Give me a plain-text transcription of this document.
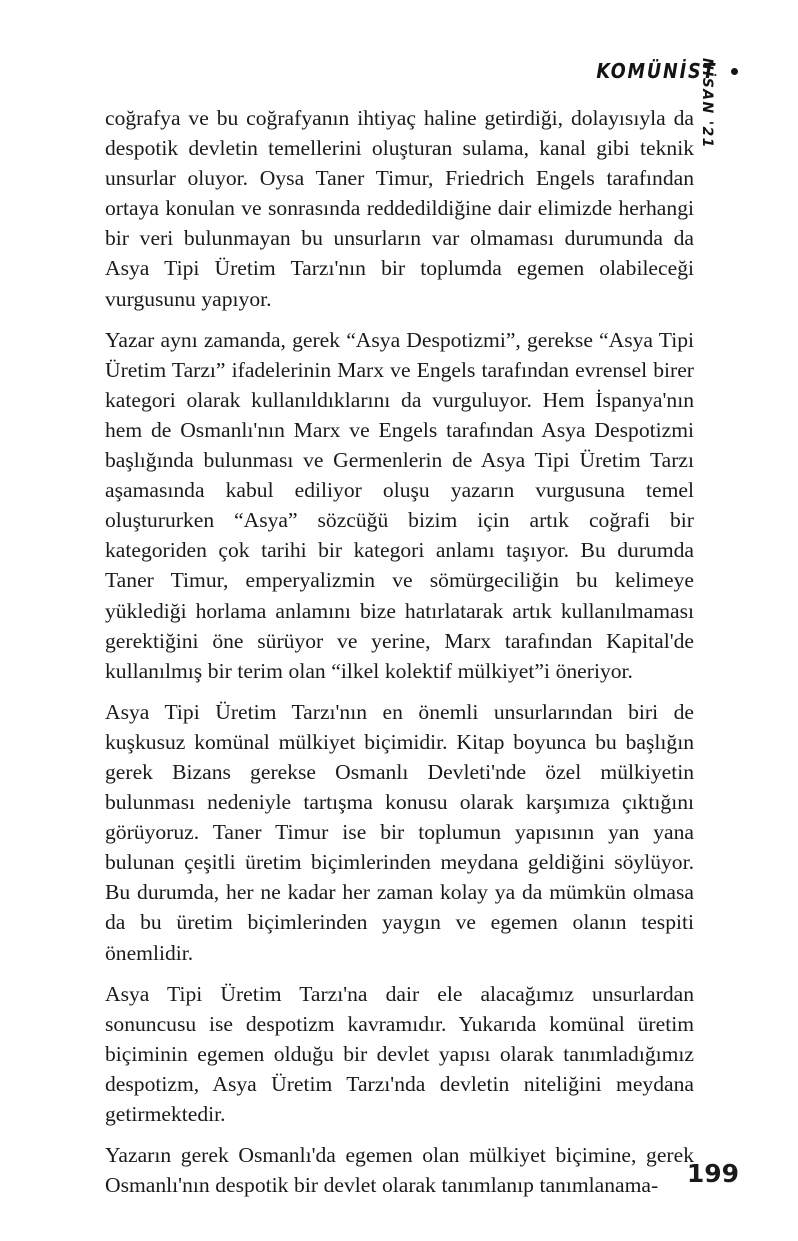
KOMÜNİST
NİSAN '21

coğrafya ve bu coğrafyanın ihtiyaç haline getirdiği, dolayısıyla da despotik devletin temellerini oluşturan sulama, kanal gibi teknik unsurlar oluyor. Oysa Taner Timur, Friedrich Engels tarafından ortaya konulan ve sonrasında reddedildiğine dair elimizde herhangi bir veri bulunmayan bu unsurların var olmaması durumunda da Asya Tipi Üretim Tarzı'nın bir toplumda egemen olabileceği vurgusunu yapıyor.

Yazar aynı zamanda, gerek “Asya Despotizmi”, gerekse “Asya Tipi Üretim Tarzı” ifadelerinin Marx ve Engels tarafından evrensel birer kategori olarak kullanıldıklarını da vurguluyor. Hem İspanya'nın hem de Osmanlı'nın Marx ve Engels tarafından Asya Despotizmi başlığında bulunması ve Germenlerin de Asya Tipi Üretim Tarzı aşamasında kabul ediliyor oluşu yazarın vurgusuna temel oluştururken “Asya” sözcüğü bizim için artık coğrafi bir kategoriden çok tarihi bir kategori anlamı taşıyor. Bu durumda Taner Timur, emperyalizmin ve sömürgeciliğin bu kelimeye yüklediği horlama anlamını bize hatırlatarak artık kullanılmaması gerektiğini öne sürüyor ve yerine, Marx tarafından Kapital'de kullanılmış bir terim olan “ilkel kolektif mülkiyet”i öneriyor.

Asya Tipi Üretim Tarzı'nın en önemli unsurlarından biri de kuşkusuz komünal mülkiyet biçimidir. Kitap boyunca bu başlığın gerek Bizans gerekse Osmanlı Devleti'nde özel mülkiyetin bulunması nedeniyle tartışma konusu olarak karşımıza çıktığını görüyoruz. Taner Timur ise bir toplumun yapısının yan yana bulunan çeşitli üretim biçimlerinden meydana geldiğini söylüyor. Bu durumda, her ne kadar her zaman kolay ya da mümkün olmasa da bu üretim biçimlerinden yaygın ve egemen olanın tespiti önemlidir.

Asya Tipi Üretim Tarzı'na dair ele alacağımız unsurlardan sonuncusu ise despotizm kavramıdır. Yukarıda komünal üretim biçiminin egemen olduğu bir devlet yapısı olarak tanımladığımız despotizm, Asya Üretim Tarzı'nda devletin niteliğini meydana getirmektedir.

Yazarın gerek Osmanlı'da egemen olan mülkiyet biçimine, gerek Osmanlı'nın despotik bir devlet olarak tanımlanıp tanımlanama-	199
